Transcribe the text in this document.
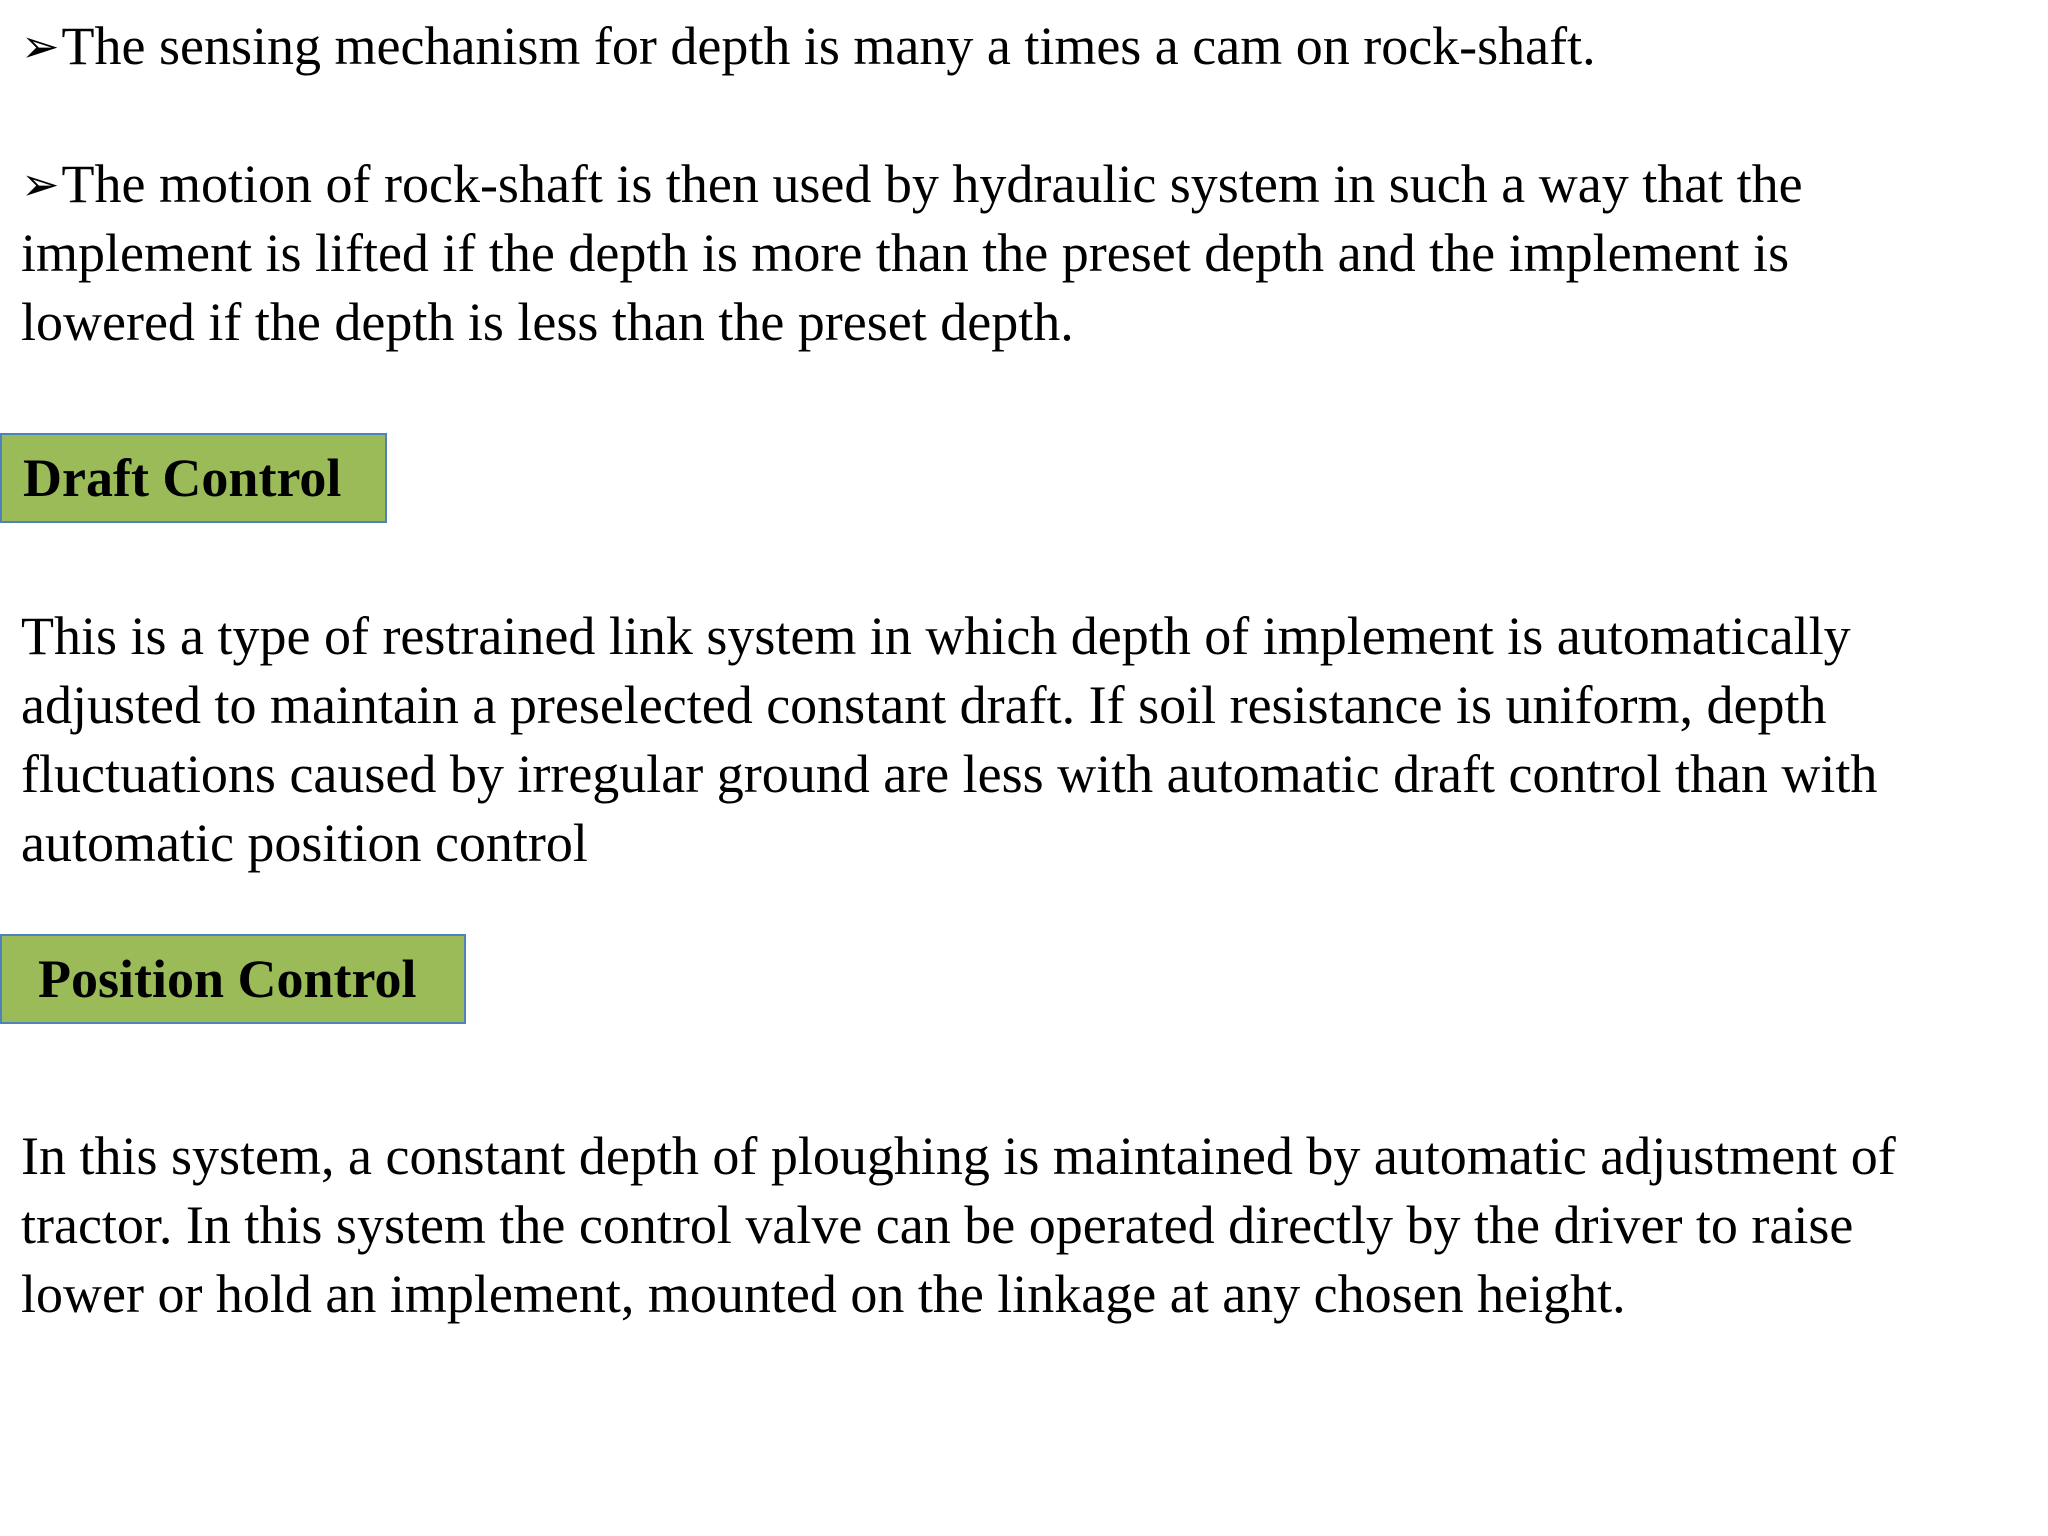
➢The sensing mechanism for depth is many a times a cam on rock-shaft.

➢The motion of rock-shaft is then used by hydraulic system in such a way that the
implement is lifted if the depth is more than the preset depth and the implement is
lowered if the depth is less than the preset depth.

Draft Control

This is a type of restrained link system in which depth of implement is automatically
adjusted to maintain a preselected constant draft. If soil resistance is uniform, depth
fluctuations caused by irregular ground are less with automatic draft control than with
automatic position control

Position Control

In this system, a constant depth of ploughing is maintained by automatic adjustment of
tractor. In this system the control valve can be operated directly by the driver to raise
lower or hold an implement, mounted on the linkage at any chosen height.
